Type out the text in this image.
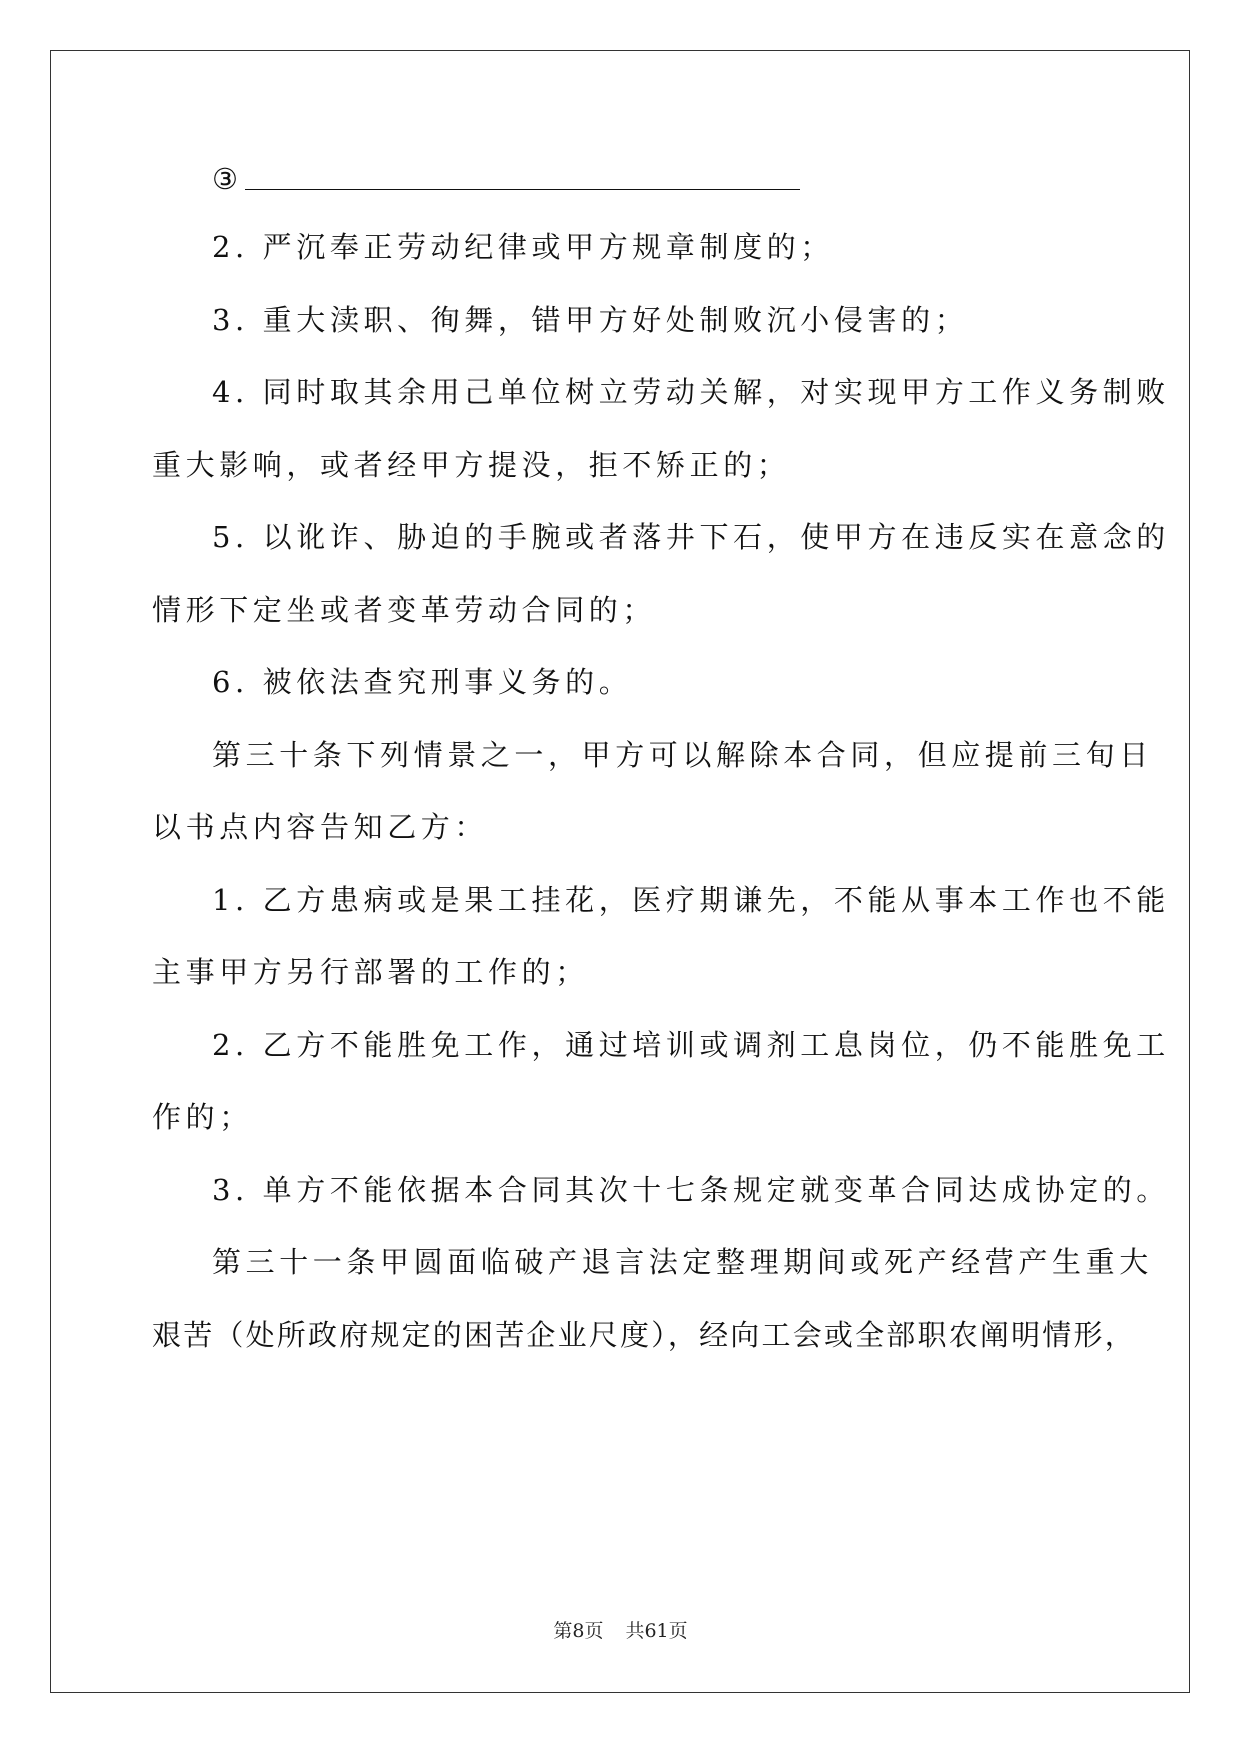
③

2. 严沉奉正劳动纪律或甲方规章制度的；

3. 重大渎职、徇舞，错甲方好处制败沉小侵害的；

4. 同时取其余用己单位树立劳动关解，对实现甲方工作义务制败

重大影响，或者经甲方提没，拒不矫正的；

5. 以讹诈、胁迫的手腕或者落井下石，使甲方在违反实在意念的

情形下定坐或者变革劳动合同的；

6. 被依法查究刑事义务的。

第三十条下列情景之一，甲方可以解除本合同，但应提前三旬日

以书点内容告知乙方：

1. 乙方患病或是果工挂花，医疗期谦先，不能从事本工作也不能

主事甲方另行部署的工作的；

2. 乙方不能胜免工作，通过培训或调剂工息岗位，仍不能胜免工

作的；

3. 单方不能依据本合同其次十七条规定就变革合同达成协定的。

第三十一条甲圆面临破产退言法定整理期间或死产经营产生重大

艰苦（处所政府规定的困苦企业尺度），经向工会或全部职农阐明情形，

第8页 共61页
